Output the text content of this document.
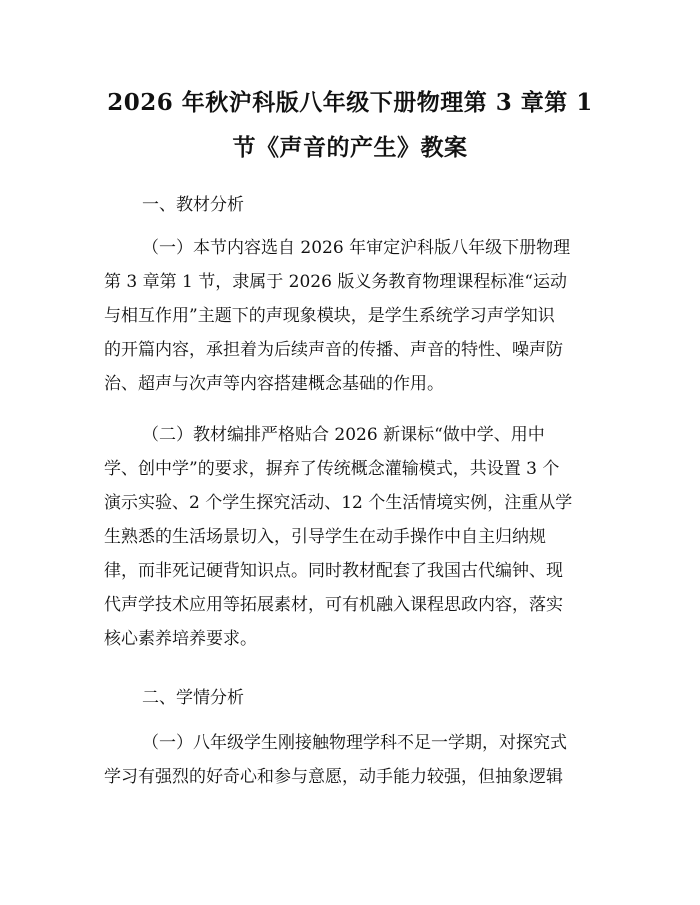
2026 年秋沪科版八年级下册物理第 3 章第 1
节《声音的产生》教案
一、教材分析
（一）本节内容选自 2026 年审定沪科版八年级下册物理
第 3 章第 1 节，隶属于 2026 版义务教育物理课程标准“运动
与相互作用”主题下的声现象模块，是学生系统学习声学知识
的开篇内容，承担着为后续声音的传播、声音的特性、噪声防
治、超声与次声等内容搭建概念基础的作用。
（二）教材编排严格贴合 2026 新课标“做中学、用中
学、创中学”的要求，摒弃了传统概念灌输模式，共设置 3 个
演示实验、2 个学生探究活动、12 个生活情境实例，注重从学
生熟悉的生活场景切入，引导学生在动手操作中自主归纳规
律，而非死记硬背知识点。同时教材配套了我国古代编钟、现
代声学技术应用等拓展素材，可有机融入课程思政内容，落实
核心素养培养要求。
二、学情分析
（一）八年级学生刚接触物理学科不足一学期，对探究式
学习有强烈的好奇心和参与意愿，动手能力较强，但抽象逻辑
